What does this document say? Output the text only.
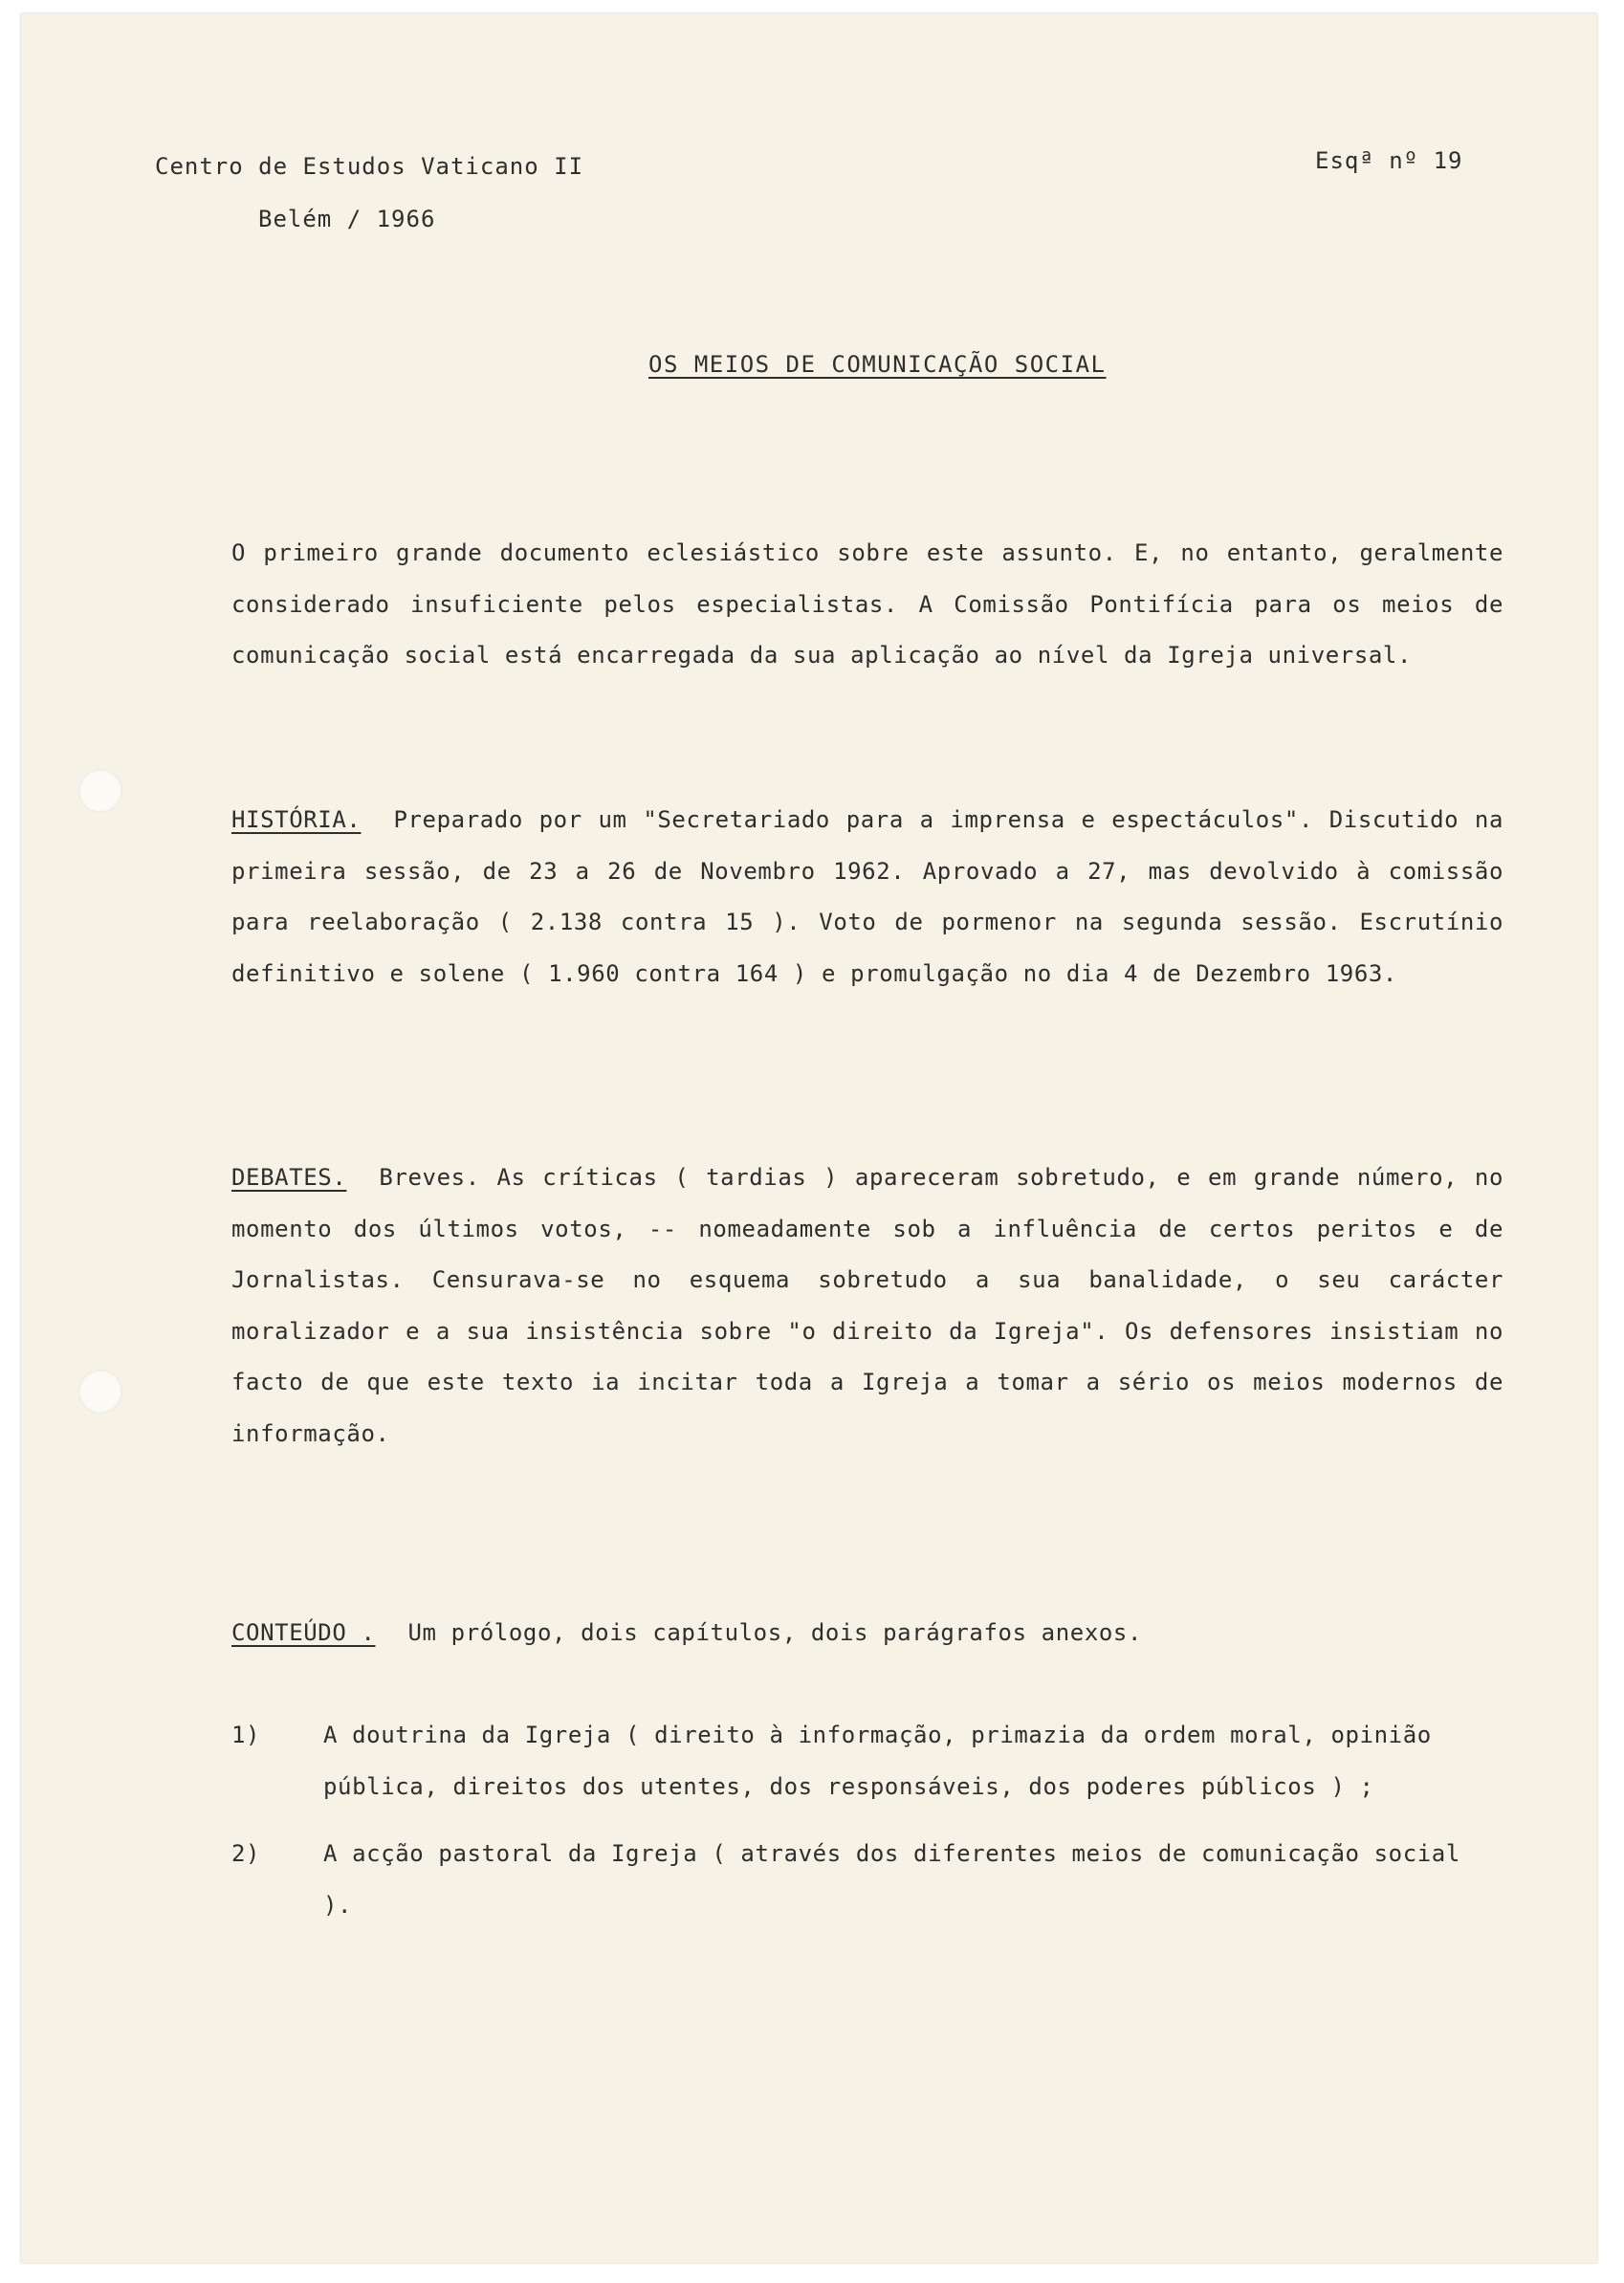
Centro de Estudos Vaticano II
Belém / 1966
Esqª nº 19
OS MEIOS DE COMUNICAÇÃO SOCIAL

O primeiro grande documento eclesiástico sobre este assunto. E, no entanto, geralmente considerado insuficiente pelos especialistas. A Comissão Pontifícia para os meios de comunicação social está encarregada da sua aplicação ao nível da Igreja universal.

HISTÓRIA. Preparado por um "Secretariado para a imprensa e espectáculos". Discutido na primeira sessão, de 23 a 26 de Novembro 1962. Aprovado a 27, mas devolvido à comissão para reelaboração ( 2.138 contra 15 ). Voto de pormenor na segunda sessão. Escrutínio definitivo e solene ( 1.960 contra 164 ) e promulgação no dia 4 de Dezembro 1963.

DEBATES. Breves. As críticas ( tardias ) apareceram sobretudo, e em grande número, no momento dos últimos votos, -- nomeadamente sob a influência de certos peritos e de Jornalistas. Censurava-se no esquema sobretudo a sua banalidade, o seu carácter moralizador e a sua insistência sobre "o direito da Igreja". Os defensores insistiam no facto de que este texto ia incitar toda a Igreja a tomar a sério os meios modernos de informação.

CONTEÚDO . Um prólogo, dois capítulos, dois parágrafos anexos.

1)	A doutrina da Igreja ( direito à informação, primazia da ordem moral, opinião pública, direitos dos utentes, dos responsáveis, dos poderes públicos ) ;
2)	A acção pastoral da Igreja ( através dos diferentes meios de comunicação social ).
